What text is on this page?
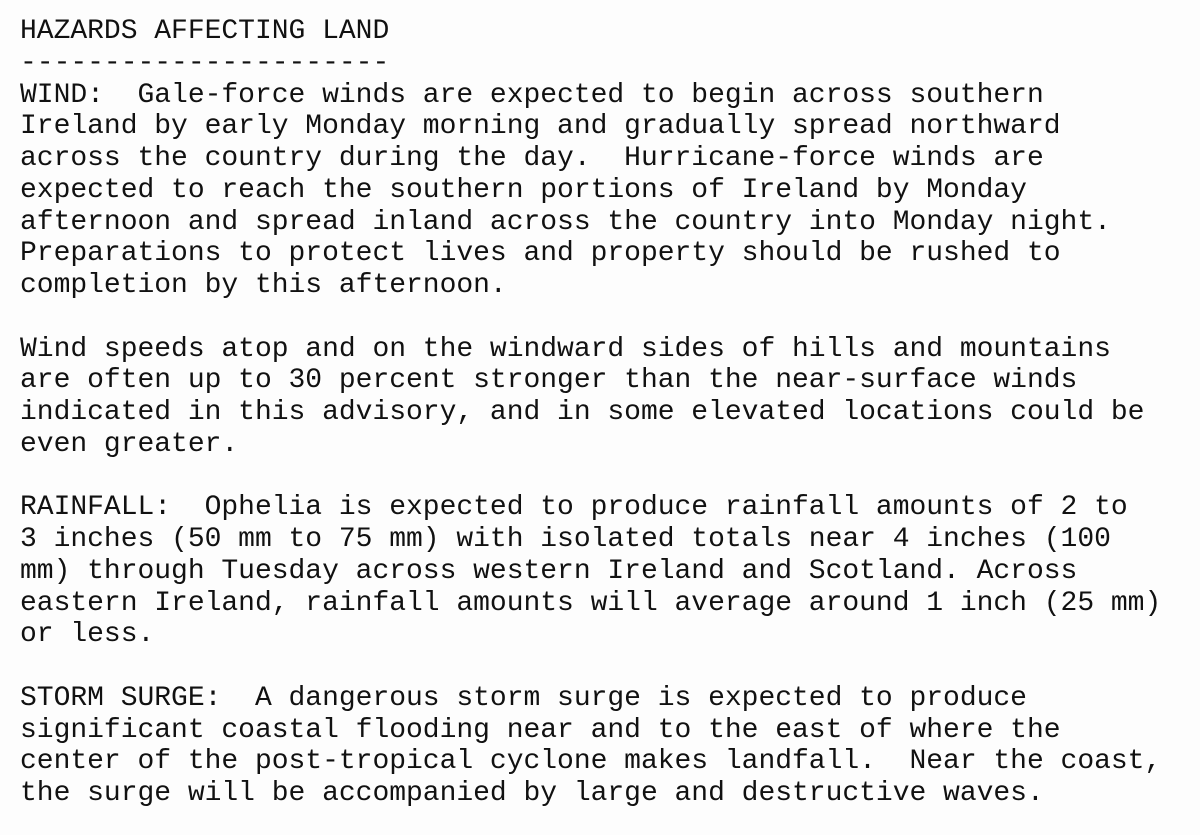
HAZARDS AFFECTING LAND
----------------------
WIND:  Gale-force winds are expected to begin across southern
Ireland by early Monday morning and gradually spread northward
across the country during the day.  Hurricane-force winds are
expected to reach the southern portions of Ireland by Monday
afternoon and spread inland across the country into Monday night.
Preparations to protect lives and property should be rushed to
completion by this afternoon.
Wind speeds atop and on the windward sides of hills and mountains
are often up to 30 percent stronger than the near-surface winds
indicated in this advisory, and in some elevated locations could be
even greater.
RAINFALL:  Ophelia is expected to produce rainfall amounts of 2 to
3 inches (50 mm to 75 mm) with isolated totals near 4 inches (100
mm) through Tuesday across western Ireland and Scotland. Across
eastern Ireland, rainfall amounts will average around 1 inch (25 mm)
or less.
STORM SURGE:  A dangerous storm surge is expected to produce
significant coastal flooding near and to the east of where the
center of the post-tropical cyclone makes landfall.  Near the coast,
the surge will be accompanied by large and destructive waves.
